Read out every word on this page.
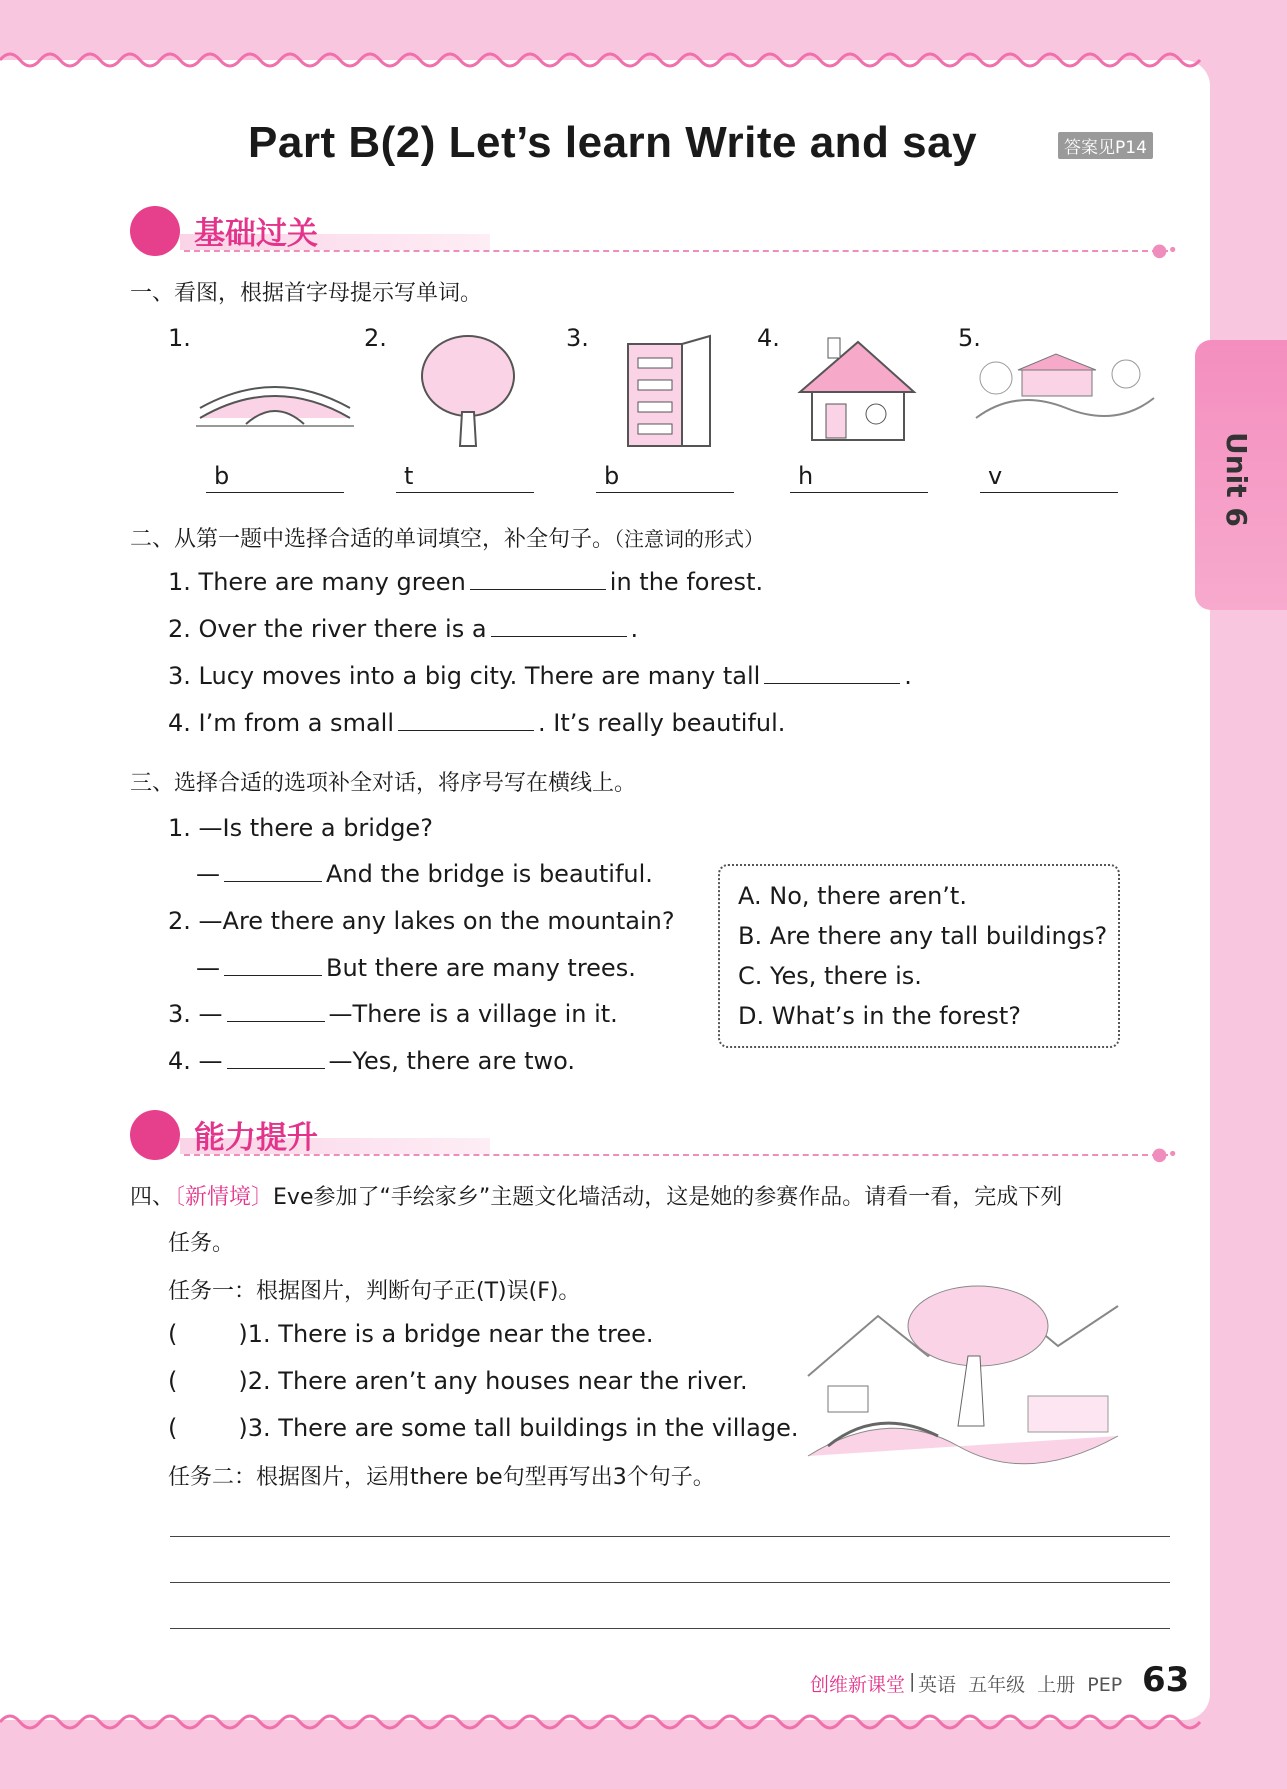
Unit 6
Part B(2) Let’s learn Write and say	答案见P14
基础过关	●•
一、看图，根据首字母提示写单词。
1.	2.	3.	4.	5.
b	t	b	h	v
二、从第一题中选择合适的单词填空，补全句子。（注意词的形式）
1. There are many green	in the forest.
2. Over the river there is a	.
3. Lucy moves into a big city. There are many tall	.
4. I’m from a small	. It’s really beautiful.
三、选择合适的选项补全对话，将序号写在横线上。
1. —Is there a bridge?
—	And the bridge is beautiful.
2. —Are there any lakes on the mountain?
—	But there are many trees.
3. —	—There is a village in it.
4. —	—Yes, there are two.
A. No, there aren’t.
B. Are there any tall buildings?
C. Yes, there is.
D. What’s in the forest?
能力提升	●•
四、〔新情境〕Eve参加了“手绘家乡”主题文化墙活动，这是她的参赛作品。请看一看，完成下列
任务。
任务一：根据图片，判断句子正(T)误(F)。
(        )1. There is a bridge near the tree.
(        )2. There aren’t any houses near the river.
(        )3. There are some tall buildings in the village.
任务二：根据图片，运用there be句型再写出3个句子。
创维新课堂 | 英语  五年级  上册  PEP 63
